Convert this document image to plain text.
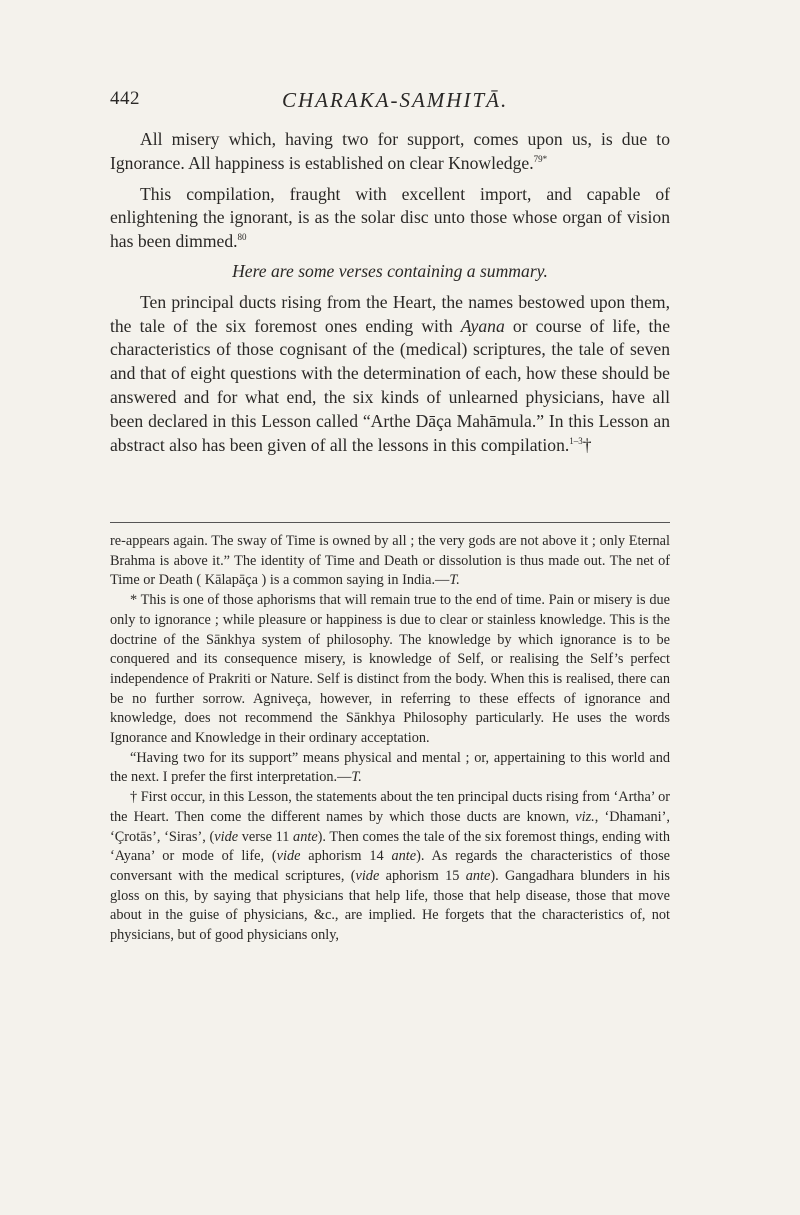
442	CHARAKA-SAMHITĀ.

All misery which, having two for support, comes upon us, is due to Ignorance. All happiness is established on clear Knowledge.$^{79*}$

This compilation, fraught with excellent import, and capable of enlightening the ignorant, is as the solar disc unto those whose organ of vision has been dimmed.$^{80}$

Here are some verses containing a summary.

Ten principal ducts rising from the Heart, the names bestowed upon them, the tale of the six foremost ones ending with Ayana or course of life, the characteristics of those cognisant of the (medical) scriptures, the tale of seven and that of eight questions with the determination of each, how these should be answered and for what end, the six kinds of unlearned physicians, have all been declared in this Lesson called “Arthe Dāça Mahāmula.” In this Lesson an abstract also has been given of all the lessons in this compilation.$^{1-3}$†

re-appears again. The sway of Time is owned by all ; the very gods are not above it ; only Eternal Brahma is above it.” The identity of Time and Death or dissolution is thus made out. The net of Time or Death ( Kālapāça ) is a common saying in India.—T.

* This is one of those aphorisms that will remain true to the end of time. Pain or misery is due only to ignorance ; while pleasure or happiness is due to clear or stainless knowledge. This is the doctrine of the Sānkhya system of philosophy. The knowledge by which ignorance is to be conquered and its consequence misery, is knowledge of Self, or realising the Self’s perfect independence of Prakriti or Nature. Self is distinct from the body. When this is realised, there can be no further sorrow. Agniveça, however, in referring to these effects of ignorance and knowledge, does not recommend the Sānkhya Philosophy particularly. He uses the words Ignorance and Knowledge in their ordinary acceptation.

“Having two for its support” means physical and mental ; or, appertaining to this world and the next. I prefer the first interpretation.—T.

† First occur, in this Lesson, the statements about the ten principal ducts rising from ‘Artha’ or the Heart. Then come the different names by which those ducts are known, viz., ‘Dhamani’, ‘Çrotās’, ‘Siras’, (vide verse 11 ante). Then comes the tale of the six foremost things, ending with ‘Ayana’ or mode of life, (vide aphorism 14 ante). As regards the characteristics of those conversant with the medical scriptures, (vide aphorism 15 ante). Gangadhara blunders in his gloss on this, by saying that physicians that help life, those that help disease, those that move about in the guise of physicians, &c., are implied. He forgets that the characteristics of, not physicians, but of good physicians only,
